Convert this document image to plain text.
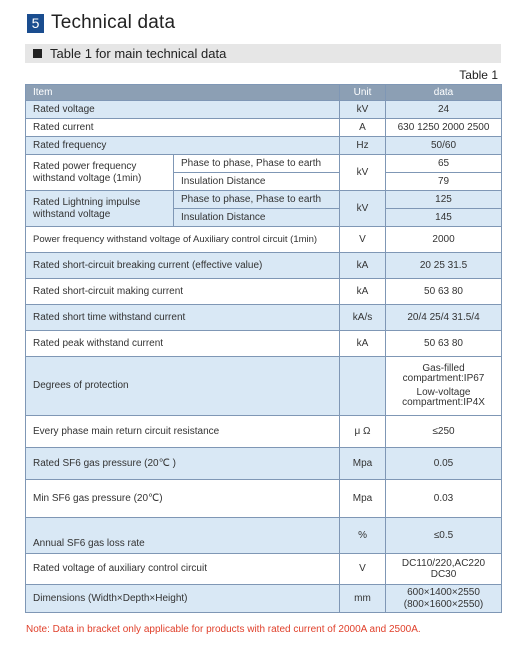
5 Technical data
Table 1 for main technical data
Table 1
Item		Unit	data
Rated voltage		kV	24
Rated current		A	630 1250 2000 2500
Rated frequency		Hz	50/60

Rated power frequency
withstand voltage (1min)	Phase to phase, Phase to earth	kV	65
	Insulation Distance		79

Rated Lightning impulse
withstand voltage	Phase to phase, Phase to earth	kV	125
	Insulation Distance		145
Power frequency withstand voltage of Auxiliary control circuit (1min)		V	2000
Rated short-circuit breaking current (effective value)		kA	20 25 31.5
Rated short-circuit making current		kA	50 63 80
Rated short time withstand current		kA/s	20/4 25/4 31.5/4
Rated peak withstand current		kA	50 63 80
Degrees of protection			Gas-filled
compartment:IP67
Low-voltage
compartment:IP4X

Every phase main return circuit resistance		μ Ω	≤250
Rated SF6 gas pressure (20℃ )		Mpa	0.05
Min SF6 gas pressure (20℃)		Mpa	0.03
Annual SF6 gas loss rate		%	≤0.5
Rated voltage of auxiliary control circuit		V	DC110/220,AC220
DC30

Dimensions (Width×Depth×Height)		mm	600×1400×2550
(800×1600×2550)
Note: Data in bracket only applicable for products with rated current of 2000A and 2500A.
